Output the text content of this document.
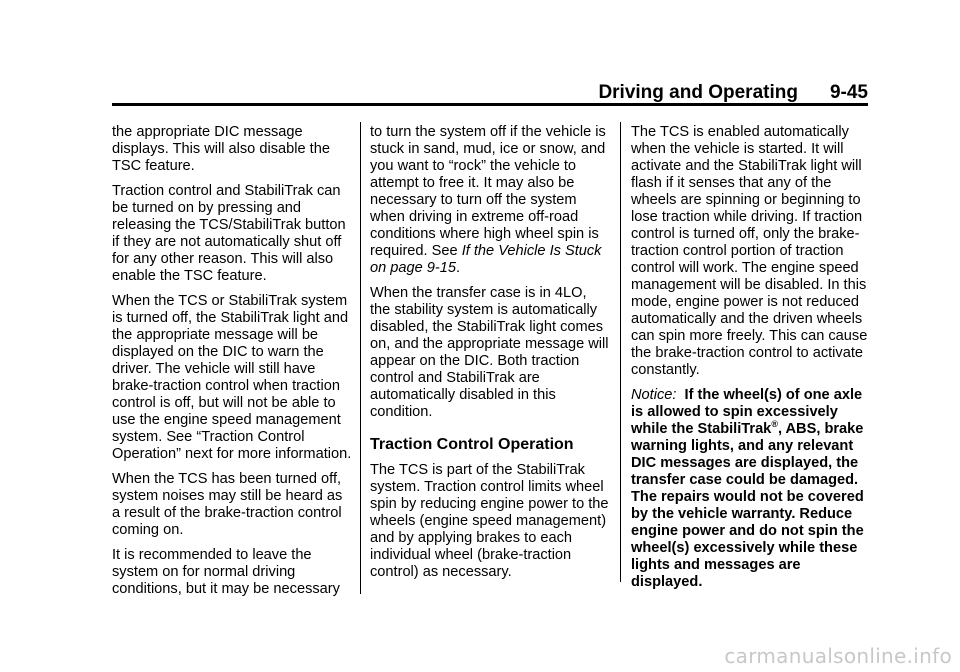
Driving and Operating 9-45

the appropriate DIC message displays. This will also disable the TSC feature.

Traction control and StabiliTrak can be turned on by pressing and releasing the TCS/StabiliTrak button if they are not automatically shut off for any other reason. This will also enable the TSC feature.

When the TCS or StabiliTrak system is turned off, the StabiliTrak light and the appropriate message will be displayed on the DIC to warn the driver. The vehicle will still have brake-traction control when traction control is off, but will not be able to use the engine speed management system. See “Traction Control Operation” next for more information.

When the TCS has been turned off, system noises may still be heard as a result of the brake-traction control coming on.

It is recommended to leave the system on for normal driving conditions, but it may be necessary

to turn the system off if the vehicle is stuck in sand, mud, ice or snow, and you want to “rock” the vehicle to attempt to free it. It may also be necessary to turn off the system when driving in extreme off-road conditions where high wheel spin is required. See If the Vehicle Is Stuck on page 9-15.

When the transfer case is in 4LO, the stability system is automatically disabled, the StabiliTrak light comes on, and the appropriate message will appear on the DIC. Both traction control and StabiliTrak are automatically disabled in this condition.

Traction Control Operation

The TCS is part of the StabiliTrak system. Traction control limits wheel spin by reducing engine power to the wheels (engine speed management) and by applying brakes to each individual wheel (brake-traction control) as necessary.

The TCS is enabled automatically when the vehicle is started. It will activate and the StabiliTrak light will flash if it senses that any of the wheels are spinning or beginning to lose traction while driving. If traction control is turned off, only the brake-traction control portion of traction control will work. The engine speed management will be disabled. In this mode, engine power is not reduced automatically and the driven wheels can spin more freely. This can cause the brake-traction control to activate constantly.

Notice: If the wheel(s) of one axle is allowed to spin excessively while the StabiliTrak®, ABS, brake warning lights, and any relevant DIC messages are displayed, the transfer case could be damaged. The repairs would not be covered by the vehicle warranty. Reduce engine power and do not spin the wheel(s) excessively while these lights and messages are displayed.

carmanualsonline.info
